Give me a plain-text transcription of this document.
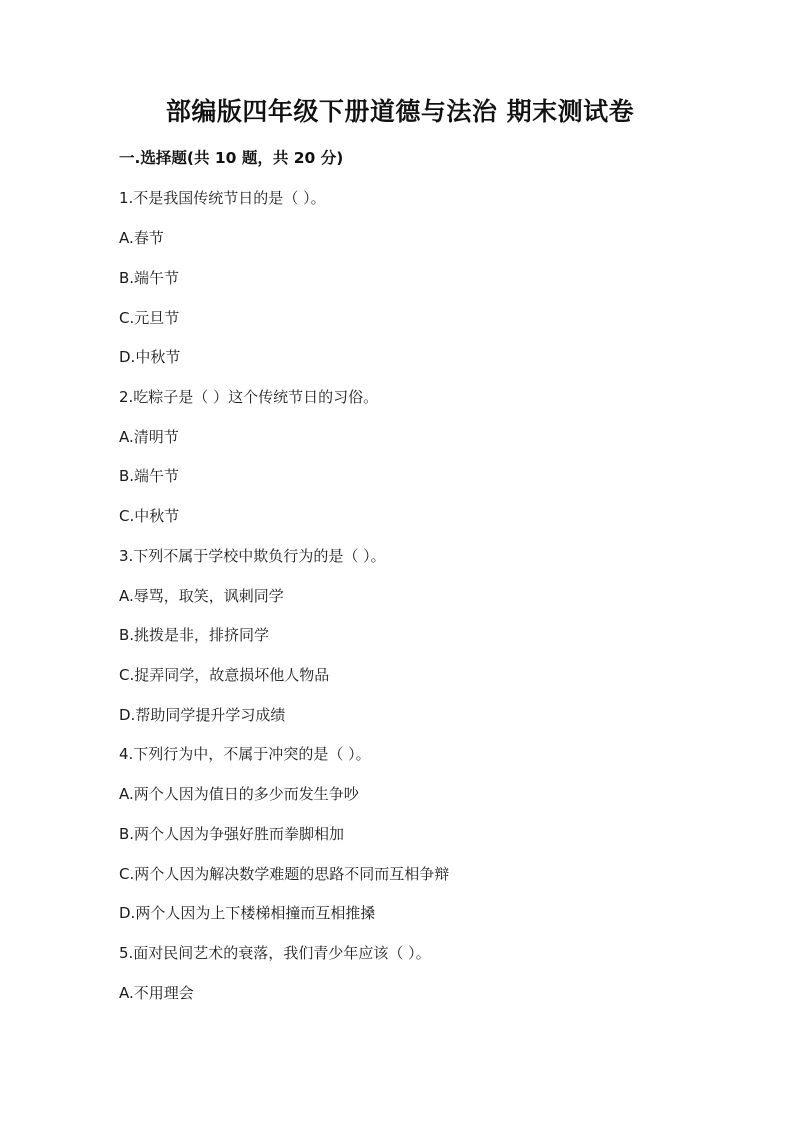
部编版四年级下册道德与法治 期末测试卷
一.选择题(共 10 题，共 20 分)
1.不是我国传统节日的是（ ）。
A.春节
B.端午节
C.元旦节
D.中秋节
2.吃粽子是（ ）这个传统节日的习俗。
A.清明节
B.端午节
C.中秋节
3.下列不属于学校中欺负行为的是（ ）。
A.辱骂，取笑，讽刺同学
B.挑拨是非，排挤同学
C.捉弄同学，故意损坏他人物品
D.帮助同学提升学习成绩
4.下列行为中，不属于冲突的是（ ）。
A.两个人因为值日的多少而发生争吵
B.两个人因为争强好胜而拳脚相加
C.两个人因为解决数学难题的思路不同而互相争辩
D.两个人因为上下楼梯相撞而互相推搡
5.面对民间艺术的衰落，我们青少年应该（ ）。
A.不用理会
